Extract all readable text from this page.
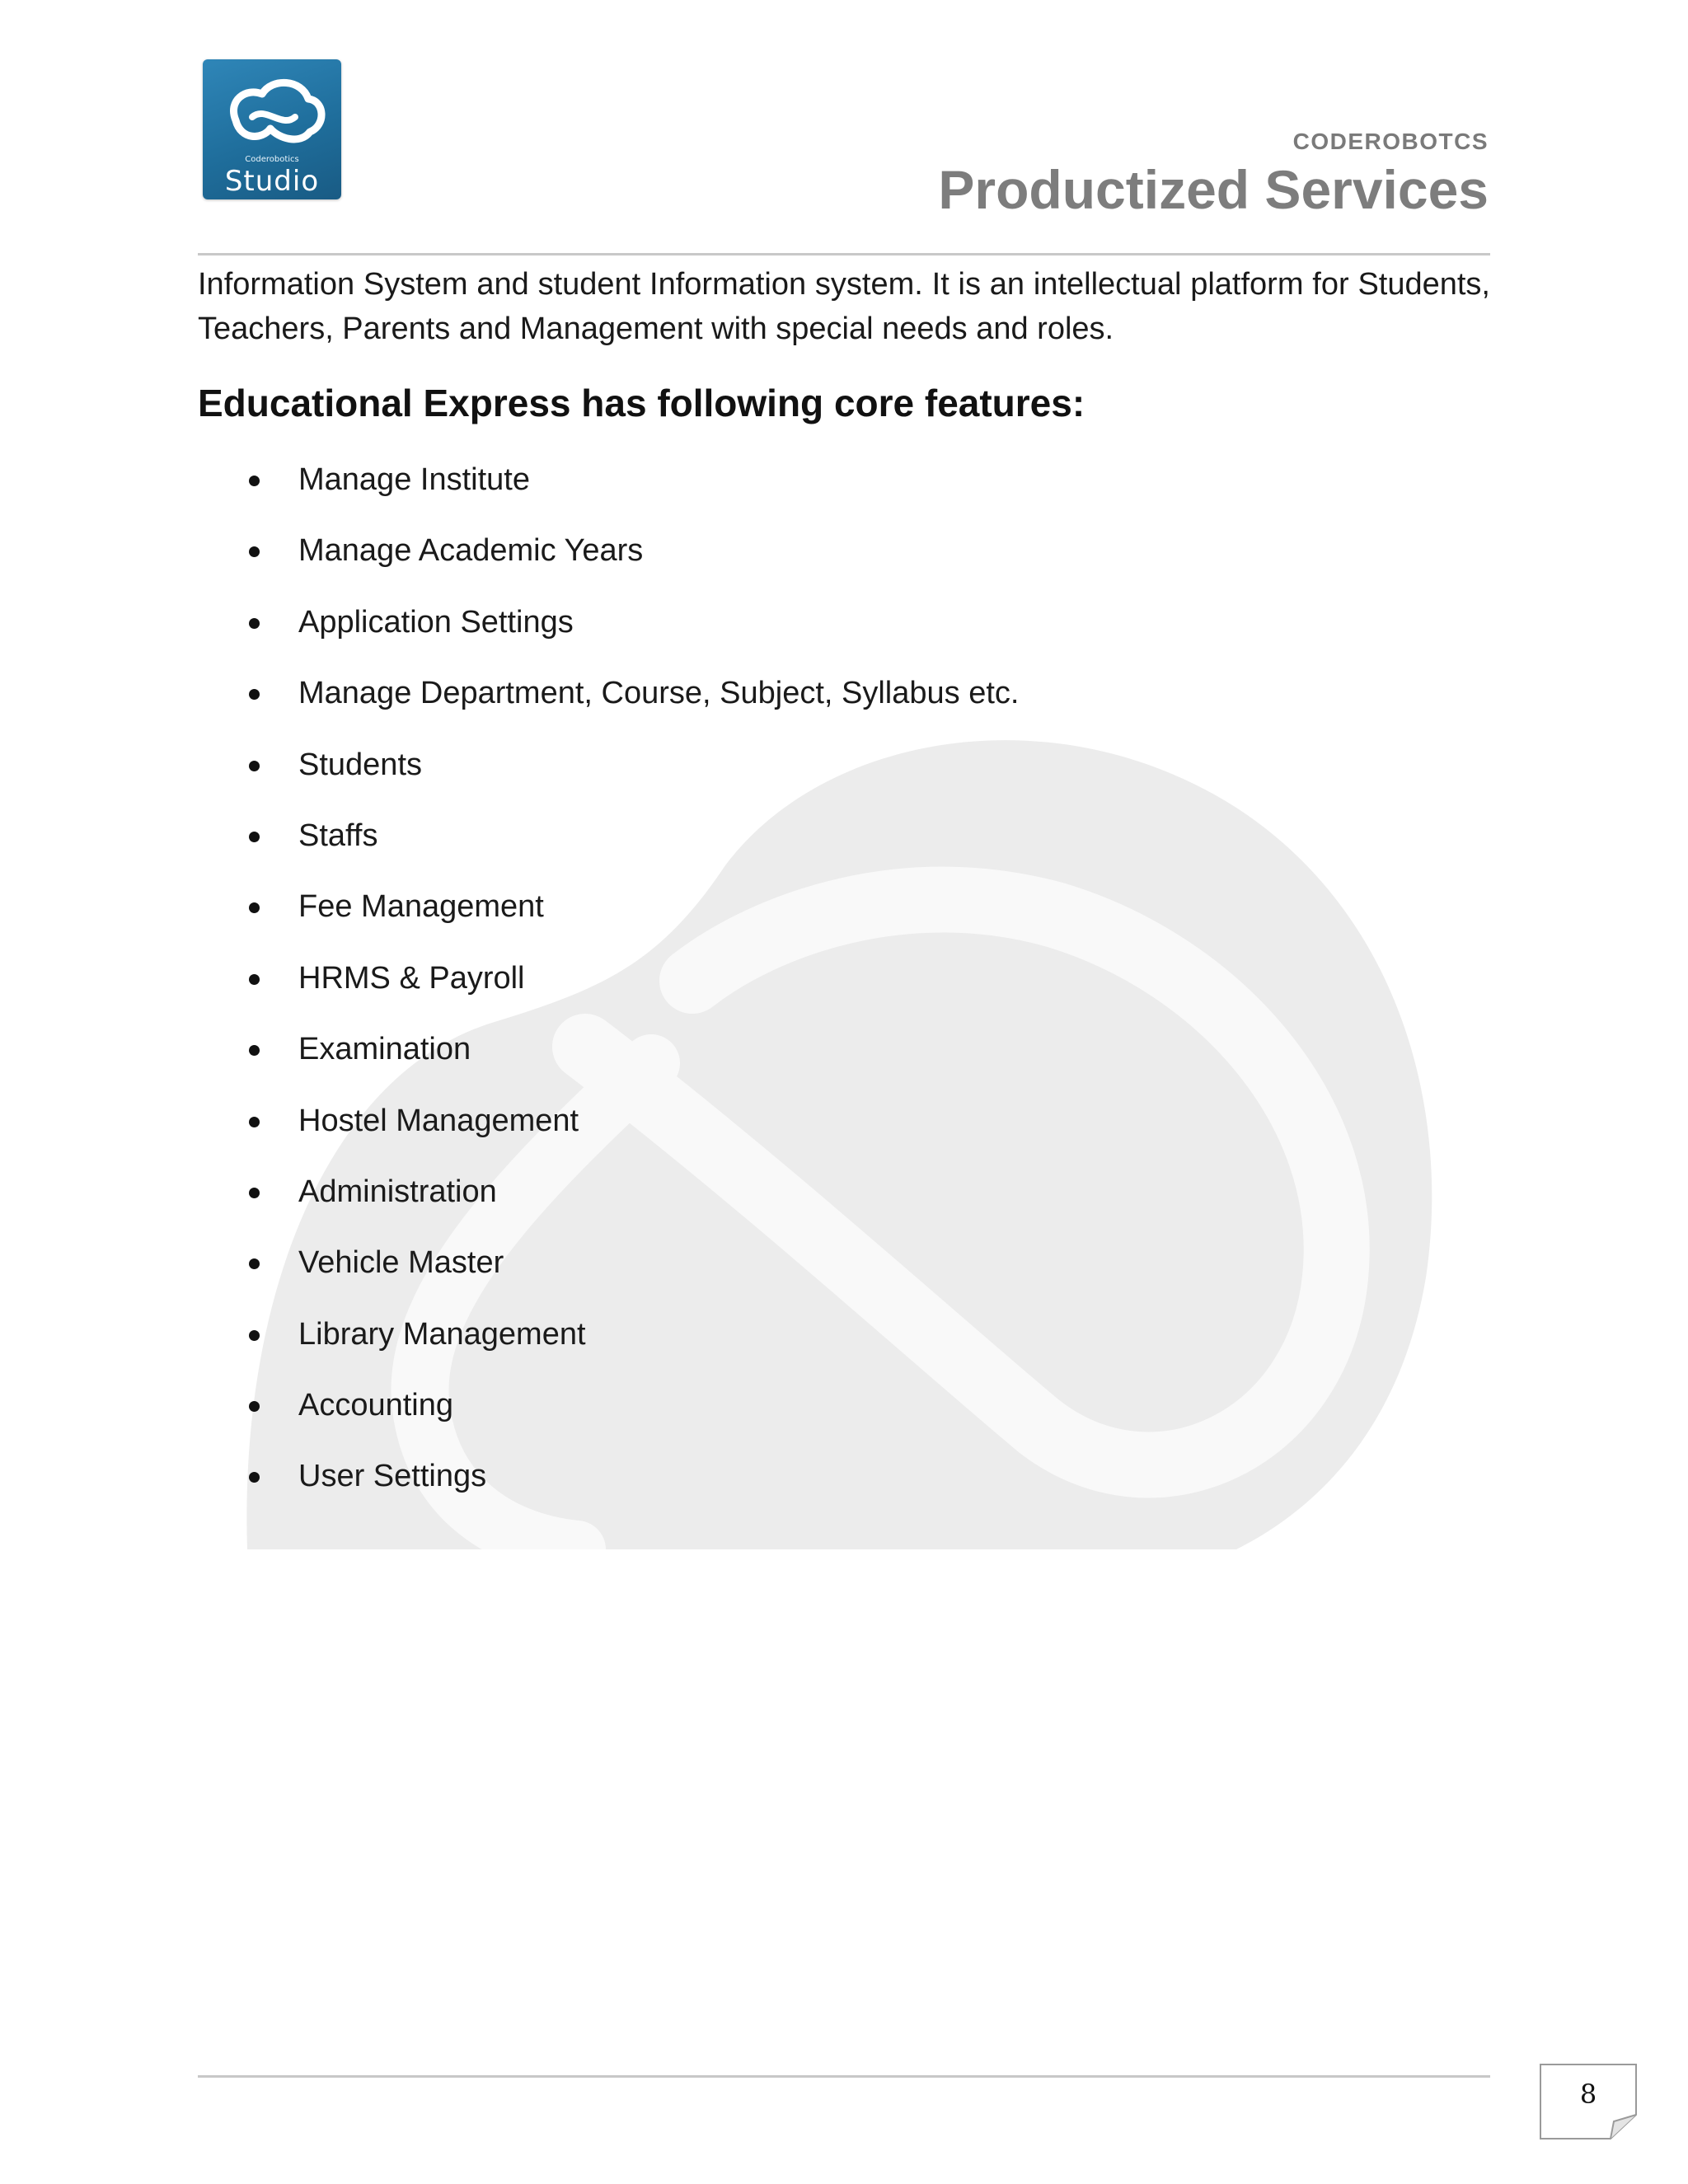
Coderobotics
Studio
CODEROBOTCS
Productized Services
Information System and student Information system. It is an intellectual platform for Students, Teachers, Parents and Management with special needs and roles.
Educational Express has following core features:
Manage Institute
Manage Academic Years
Application Settings
Manage Department, Course, Subject, Syllabus etc.
Students
Staffs
Fee Management
HRMS & Payroll
Examination
Hostel Management
Administration
Vehicle Master
Library Management
Accounting
User Settings
8
